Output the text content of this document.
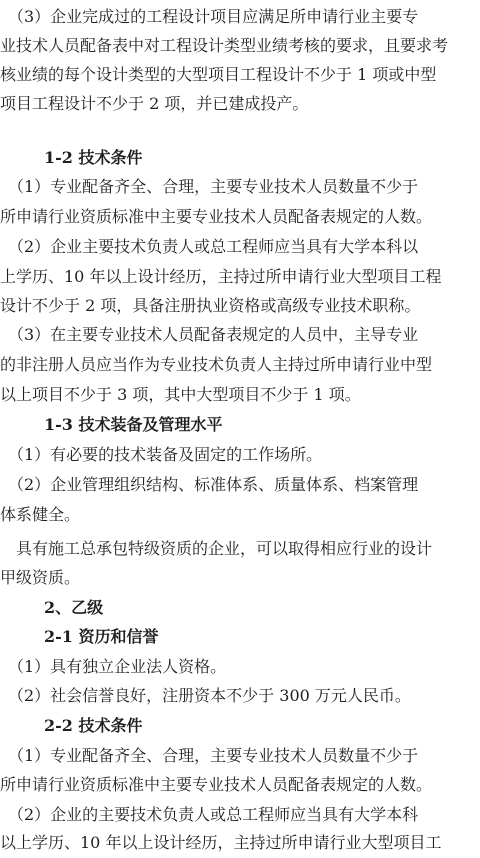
　（3）企业完成过的工程设计项目应满足所申请行业主要专
业技术人员配备表中对工程设计类型业绩考核的要求，且要求考
核业绩的每个设计类型的大型项目工程设计不少于 1 项或中型
项目工程设计不少于 2 项，并已建成投产。
1-2 技术条件
　（1）专业配备齐全、合理，主要专业技术人员数量不少于
所申请行业资质标准中主要专业技术人员配备表规定的人数。
　（2）企业主要技术负责人或总工程师应当具有大学本科以
上学历、10 年以上设计经历，主持过所申请行业大型项目工程
设计不少于 2 项，具备注册执业资格或高级专业技术职称。
　（3）在主要专业技术人员配备表规定的人员中，主导专业
的非注册人员应当作为专业技术负责人主持过所申请行业中型
以上项目不少于 3 项，其中大型项目不少于 1 项。
1-3 技术装备及管理水平
　（1）有必要的技术装备及固定的工作场所。
　（2）企业管理组织结构、标准体系、质量体系、档案管理
体系健全。
　具有施工总承包特级资质的企业，可以取得相应行业的设计
甲级资质。
2、乙级
2-1 资历和信誉
　（1）具有独立企业法人资格。
　（2）社会信誉良好，注册资本不少于 300 万元人民币。
2-2 技术条件
　（1）专业配备齐全、合理，主要专业技术人员数量不少于
所申请行业资质标准中主要专业技术人员配备表规定的人数。
　（2）企业的主要技术负责人或总工程师应当具有大学本科
以上学历、10 年以上设计经历，主持过所申请行业大型项目工
